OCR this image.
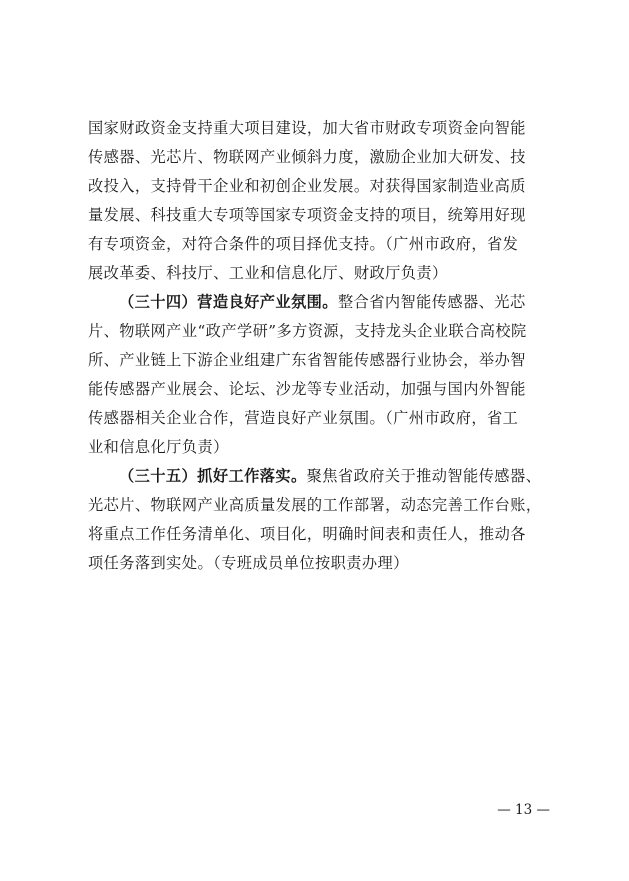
国家财政资金支持重大项目建设，加大省市财政专项资金向智能
传感器、光芯片、物联网产业倾斜力度，激励企业加大研发、技
改投入，支持骨干企业和初创企业发展。对获得国家制造业高质
量发展、科技重大专项等国家专项资金支持的项目，统筹用好现
有专项资金，对符合条件的项目择优支持。（广州市政府，省发
展改革委、科技厅、工业和信息化厅、财政厅负责）
（三十四）营造良好产业氛围。整合省内智能传感器、光芯
片、物联网产业“政产学研”多方资源，支持龙头企业联合高校院
所、产业链上下游企业组建广东省智能传感器行业协会，举办智
能传感器产业展会、论坛、沙龙等专业活动，加强与国内外智能
传感器相关企业合作，营造良好产业氛围。（广州市政府，省工
业和信息化厅负责）
（三十五）抓好工作落实。聚焦省政府关于推动智能传感器、
光芯片、物联网产业高质量发展的工作部署，动态完善工作台账，
将重点工作任务清单化、项目化，明确时间表和责任人，推动各
项任务落到实处。（专班成员单位按职责办理）
— 13 —
